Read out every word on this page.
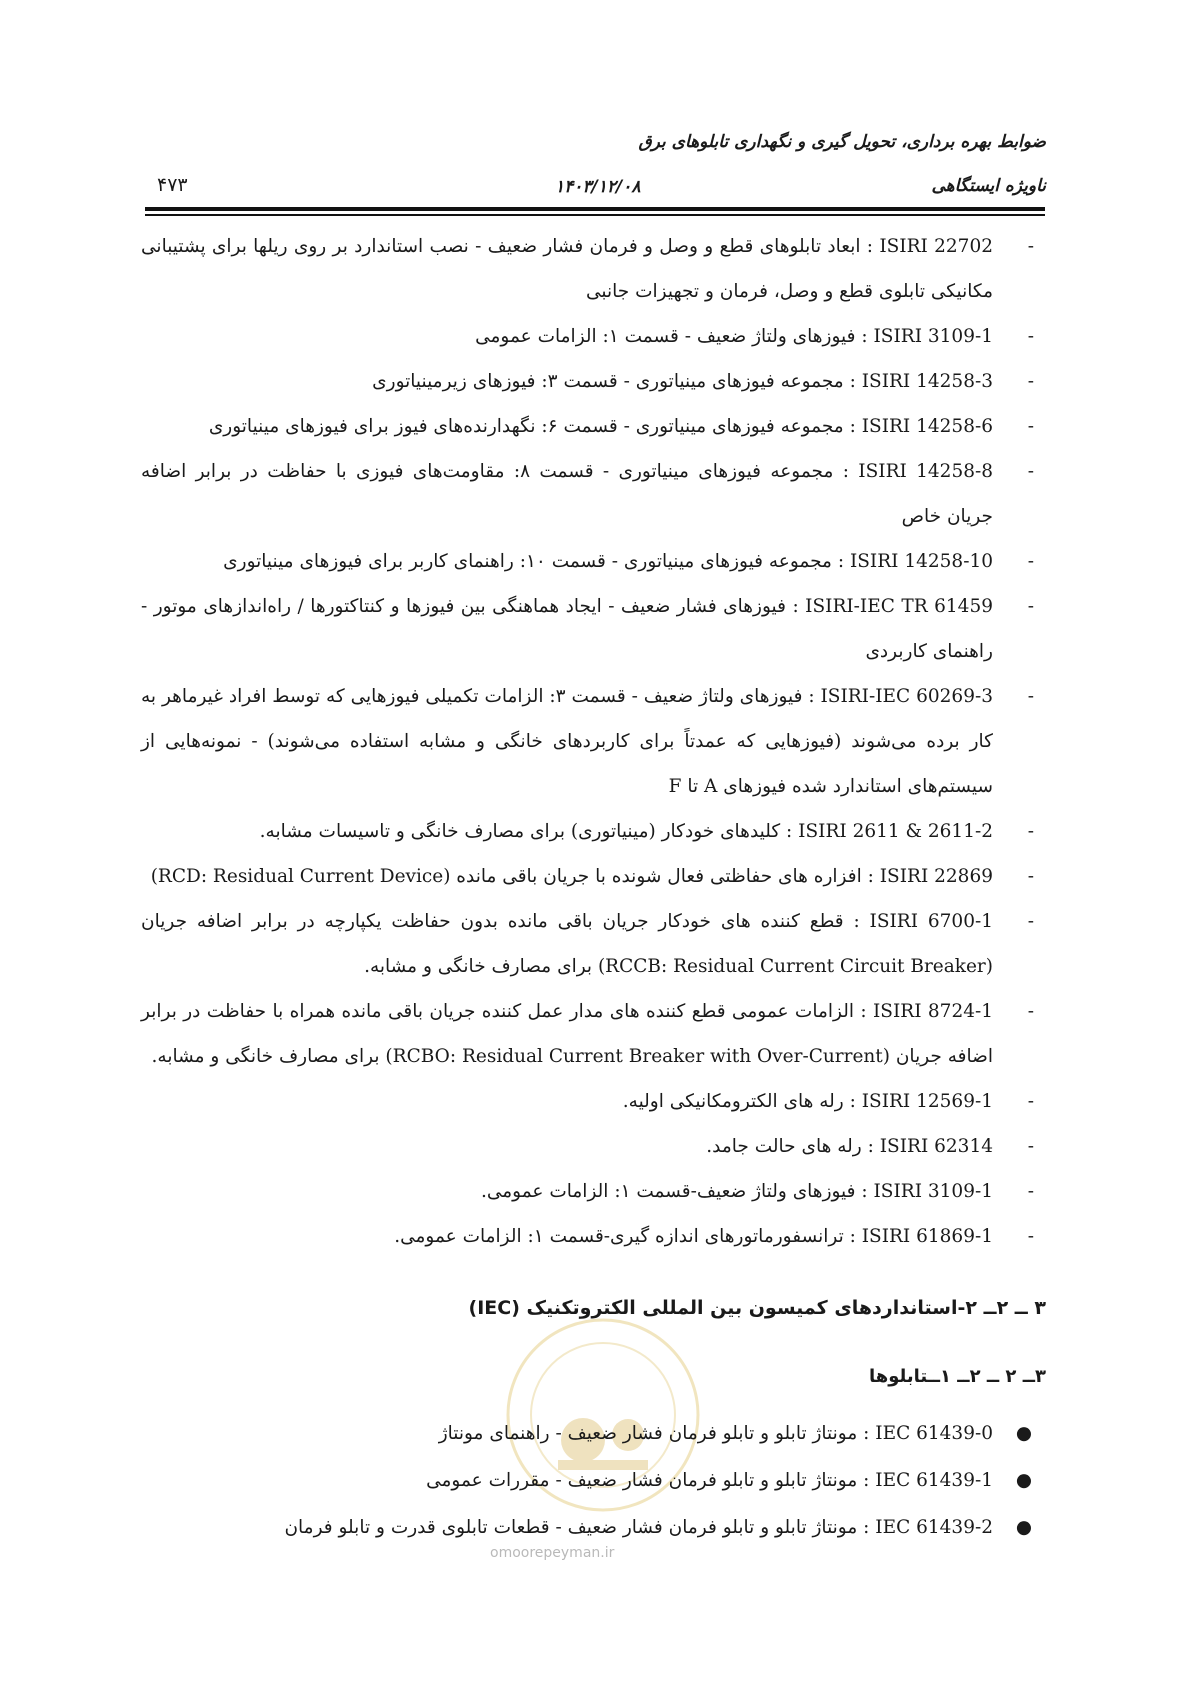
ضوابط بهره برداری، تحویل گیری و نگهداری تابلوهای برق
ناویژه ایستگاهی
۱۴۰۳/۱۲/۰۸
۴۷۳
-
ISIRI 22702 : ابعاد تابلوهای قطع و وصل و فرمان فشار ضعیف - نصب استاندارد بر روی ریلها برای پشتیبانی مکانیکی تابلوی قطع و وصل، فرمان و تجهیزات جانبی
-
ISIRI 3109-1 : فیوزهای ولتاژ ضعیف - قسمت ۱: الزامات عمومی
-
ISIRI 14258-3 : مجموعه فیوزهای مینیاتوری - قسمت ۳: فیوزهای زیرمینیاتوری
-
ISIRI 14258-6 : مجموعه فیوزهای مینیاتوری - قسمت ۶: نگهدارنده‌های فیوز برای فیوزهای مینیاتوری
-
ISIRI 14258-8 : مجموعه فیوزهای مینیاتوری - قسمت ۸: مقاومت‌های فیوزی با حفاظت در برابر اضافه جریان خاص
-
ISIRI 14258-10 : مجموعه فیوزهای مینیاتوری - قسمت ۱۰: راهنمای کاربر برای فیوزهای مینیاتوری
-
ISIRI-IEC TR 61459 : فیوزهای فشار ضعیف - ایجاد هماهنگی بین فیوزها و کنتاکتورها / راه‌اندازهای موتور - راهنمای کاربردی
-
ISIRI-IEC 60269-3 : فیوزهای ولتاژ ضعیف - قسمت ۳: الزامات تکمیلی فیوزهایی که توسط افراد غیرماهر به کار برده می‌شوند (فیوزهایی که عمدتاً برای کاربردهای خانگی و مشابه استفاده می‌شوند) - نمونه‌هایی از سیستم‌های استاندارد شده فیوزهای A تا F
-
ISIRI 2611 & 2611-2 : کلیدهای خودکار (مینیاتوری) برای مصارف خانگی و تاسیسات مشابه.
-
ISIRI 22869 : افزاره های حفاظتی فعال شونده با جریان باقی مانده (RCD: Residual Current Device)
-
ISIRI 6700-1 : قطع کننده های خودکار جریان باقی مانده بدون حفاظت یکپارچه در برابر اضافه جریان (RCCB: Residual Current Circuit Breaker) برای مصارف خانگی و مشابه.
-
ISIRI 8724-1 : الزامات عمومی قطع کننده های مدار عمل کننده جریان باقی مانده همراه با حفاظت در برابر اضافه جریان (RCBO: Residual Current Breaker with Over-Current) برای مصارف خانگی و مشابه.
-
ISIRI 12569-1 : رله های الکترومکانیکی اولیه.
-
ISIRI 62314 : رله های حالت جامد.
-
ISIRI 3109-1 : فیوزهای ولتاژ ضعیف-قسمت ۱: الزامات عمومی.
-
ISIRI 61869-1 : ترانسفورماتورهای اندازه گیری-قسمت ۱: الزامات عمومی.
۳ ــ ۲ــ ۲-استانداردهای کمیسون بین المللی الکتروتکنیک (IEC)
omoorepeyman.ir
۳ــ ۲ ــ ۲ــ ۱ــتابلوها
●
IEC 61439-0 : مونتاژ تابلو و تابلو فرمان فشار ضعیف - راهنمای مونتاژ
●
IEC 61439-1 : مونتاژ تابلو و تابلو فرمان فشار ضعیف - مقررات عمومی
●
IEC 61439-2 : مونتاژ تابلو و تابلو فرمان فشار ضعیف - قطعات تابلوی قدرت و تابلو فرمان
